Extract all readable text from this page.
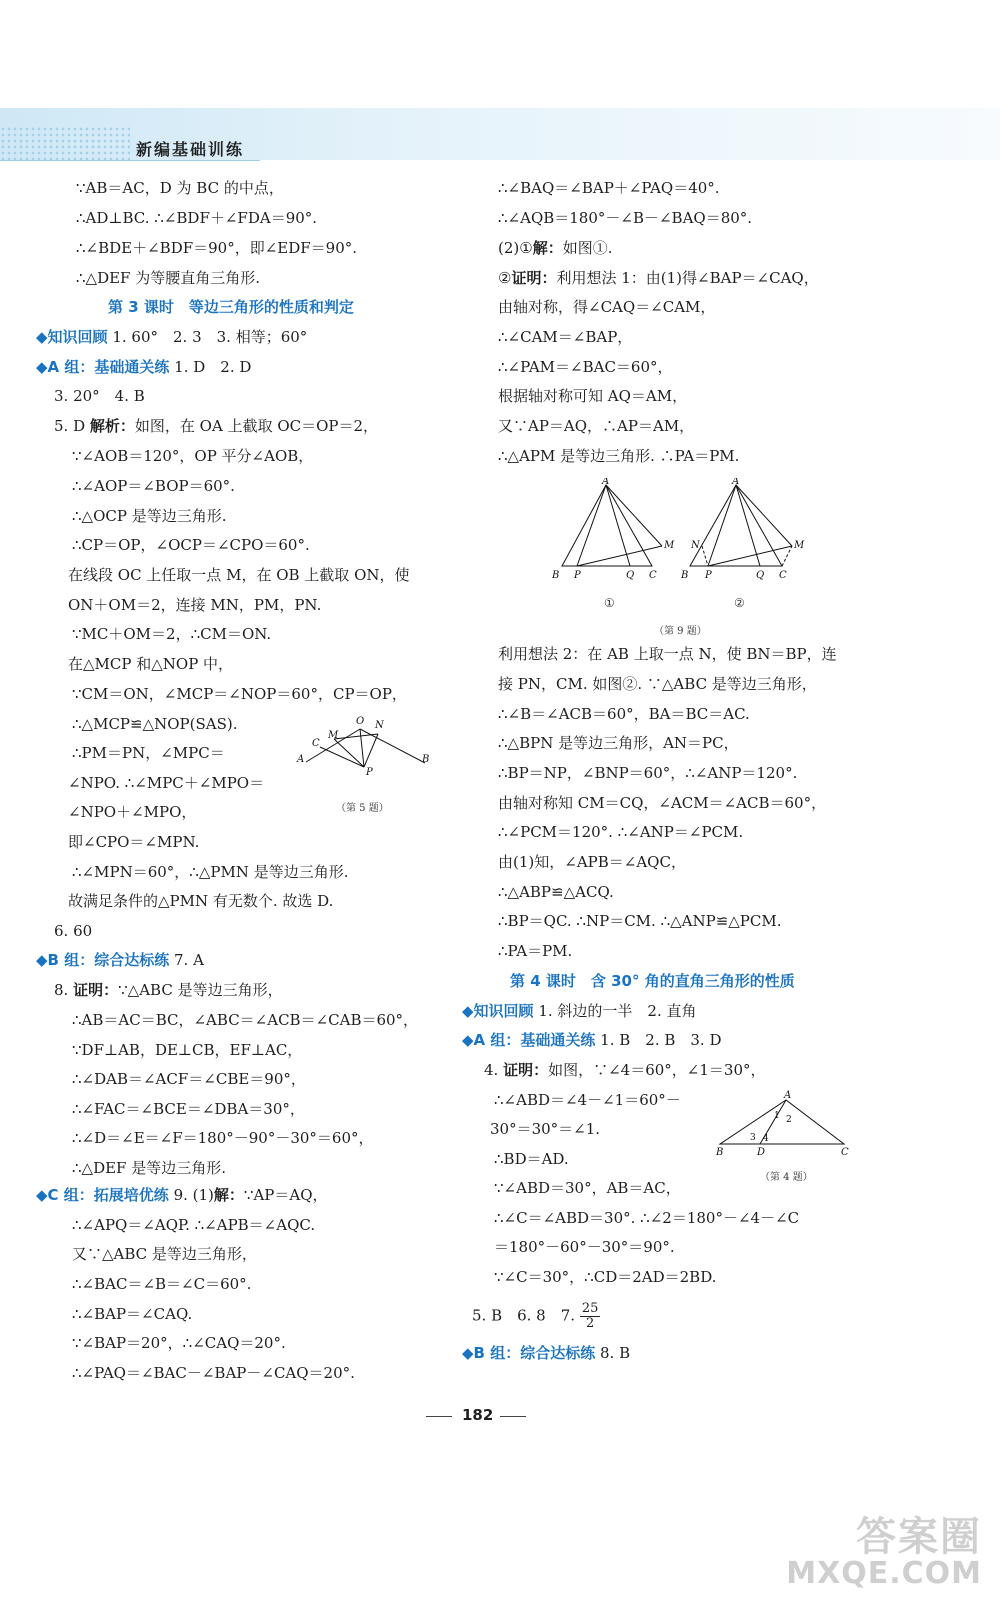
新编基础训练
∵AB＝AC，D 为 BC 的中点，
∴AD⊥BC. ∴∠BDF＋∠FDA＝90°.
∴∠BDE＋∠BDF＝90°，即∠EDF＝90°.
∴△DEF 为等腰直角三角形.
第 3 课时　等边三角形的性质和判定
◆知识回顾 1. 60°　2. 3　3. 相等；60°
◆A 组：基础通关练 1. D　2. D
3. 20°　4. B
5. D 解析：如图，在 OA 上截取 OC＝OP＝2，
∵∠AOB＝120°，OP 平分∠AOB，
∴∠AOP＝∠BOP＝60°.
∴△OCP 是等边三角形.
∴CP＝OP，∠OCP＝∠CPO＝60°.
在线段 OC 上任取一点 M，在 OB 上截取 ON，使
ON＋OM＝2，连接 MN，PM，PN.
∵MC＋OM＝2，∴CM＝ON.
在△MCP 和△NOP 中，
∵CM＝ON，∠MCP＝∠NOP＝60°，CP＝OP，
∴△MCP≌△NOP(SAS).
∴PM＝PN，∠MPC＝
∠NPO. ∴∠MPC＋∠MPO＝
∠NPO＋∠MPO，
即∠CPO＝∠MPN.
∴∠MPN＝60°，∴△PMN 是等边三角形.
故满足条件的△PMN 有无数个. 故选 D.
6. 60
◆B 组：综合达标练 7. A
8. 证明：∵△ABC 是等边三角形，
∴AB＝AC＝BC，∠ABC＝∠ACB＝∠CAB＝60°，
∵DF⊥AB，DE⊥CB，EF⊥AC，
∴∠DAB＝∠ACF＝∠CBE＝90°，
∴∠FAC＝∠BCE＝∠DBA＝30°，
∴∠D＝∠E＝∠F＝180°－90°－30°＝60°，
∴△DEF 是等边三角形.
◆C 组：拓展培优练 9. (1)解：∵AP＝AQ，
∴∠APQ＝∠AQP. ∴∠APB＝∠AQC.
又∵△ABC 是等边三角形，
∴∠BAC＝∠B＝∠C＝60°.
∴∠BAP＝∠CAQ.
∵∠BAP＝20°，∴∠CAQ＝20°.
∴∠PAQ＝∠BAC－∠BAP－∠CAQ＝20°.
A
C
M
O N
P
B
（第 5 题）
∴∠BAQ＝∠BAP＋∠PAQ＝40°.
∴∠AQB＝180°－∠B－∠BAQ＝80°.
(2)①解：如图①.
②证明：利用想法 1：由(1)得∠BAP＝∠CAQ，
由轴对称，得∠CAQ＝∠CAM，
∴∠CAM＝∠BAP，
∴∠PAM＝∠BAC＝60°，
根据轴对称可知 AQ＝AM，
又∵AP＝AQ，∴AP＝AM，
∴△APM 是等边三角形. ∴PA＝PM.
利用想法 2：在 AB 上取一点 N，使 BN＝BP，连
接 PN，CM. 如图②. ∵△ABC 是等边三角形，
∴∠B＝∠ACB＝60°，BA＝BC＝AC.
∴△BPN 是等边三角形，AN＝PC，
∴BP＝NP，∠BNP＝60°，∴∠ANP＝120°.
由轴对称知 CM＝CQ，∠ACM＝∠ACB＝60°，
∴∠PCM＝120°. ∴∠ANP＝∠PCM.
由(1)知，∠APB＝∠AQC，
∴△ABP≌△ACQ.
∴BP＝QC. ∴NP＝CM. ∴△ANP≌△PCM.
∴PA＝PM.
第 4 课时　含 30° 角的直角三角形的性质
◆知识回顾 1. 斜边的一半　2. 直角
◆A 组：基础通关练 1. B　2. B　3. D
4. 证明：如图，∵∠4＝60°，∠1＝30°，
∴∠ABD＝∠4－∠1＝60°－
30°＝30°＝∠1.
∴BD＝AD.
∵∠ABD＝30°，AB＝AC，
∴∠C＝∠ABD＝30°. ∴∠2＝180°－∠4－∠C
＝180°－60°－30°＝90°.
∵∠C＝30°，∴CD＝2AD＝2BD.
5. B　6. 8　7. $\frac{25}{2}$
◆B 组：综合达标练 8. B
A
B P	Q C
M
①
A
N
B P	Q C
M
②
（第 9 题）
A
1 2
3 4
B	D	C
（第 4 题）
182
答案圈
MXQE.COM
